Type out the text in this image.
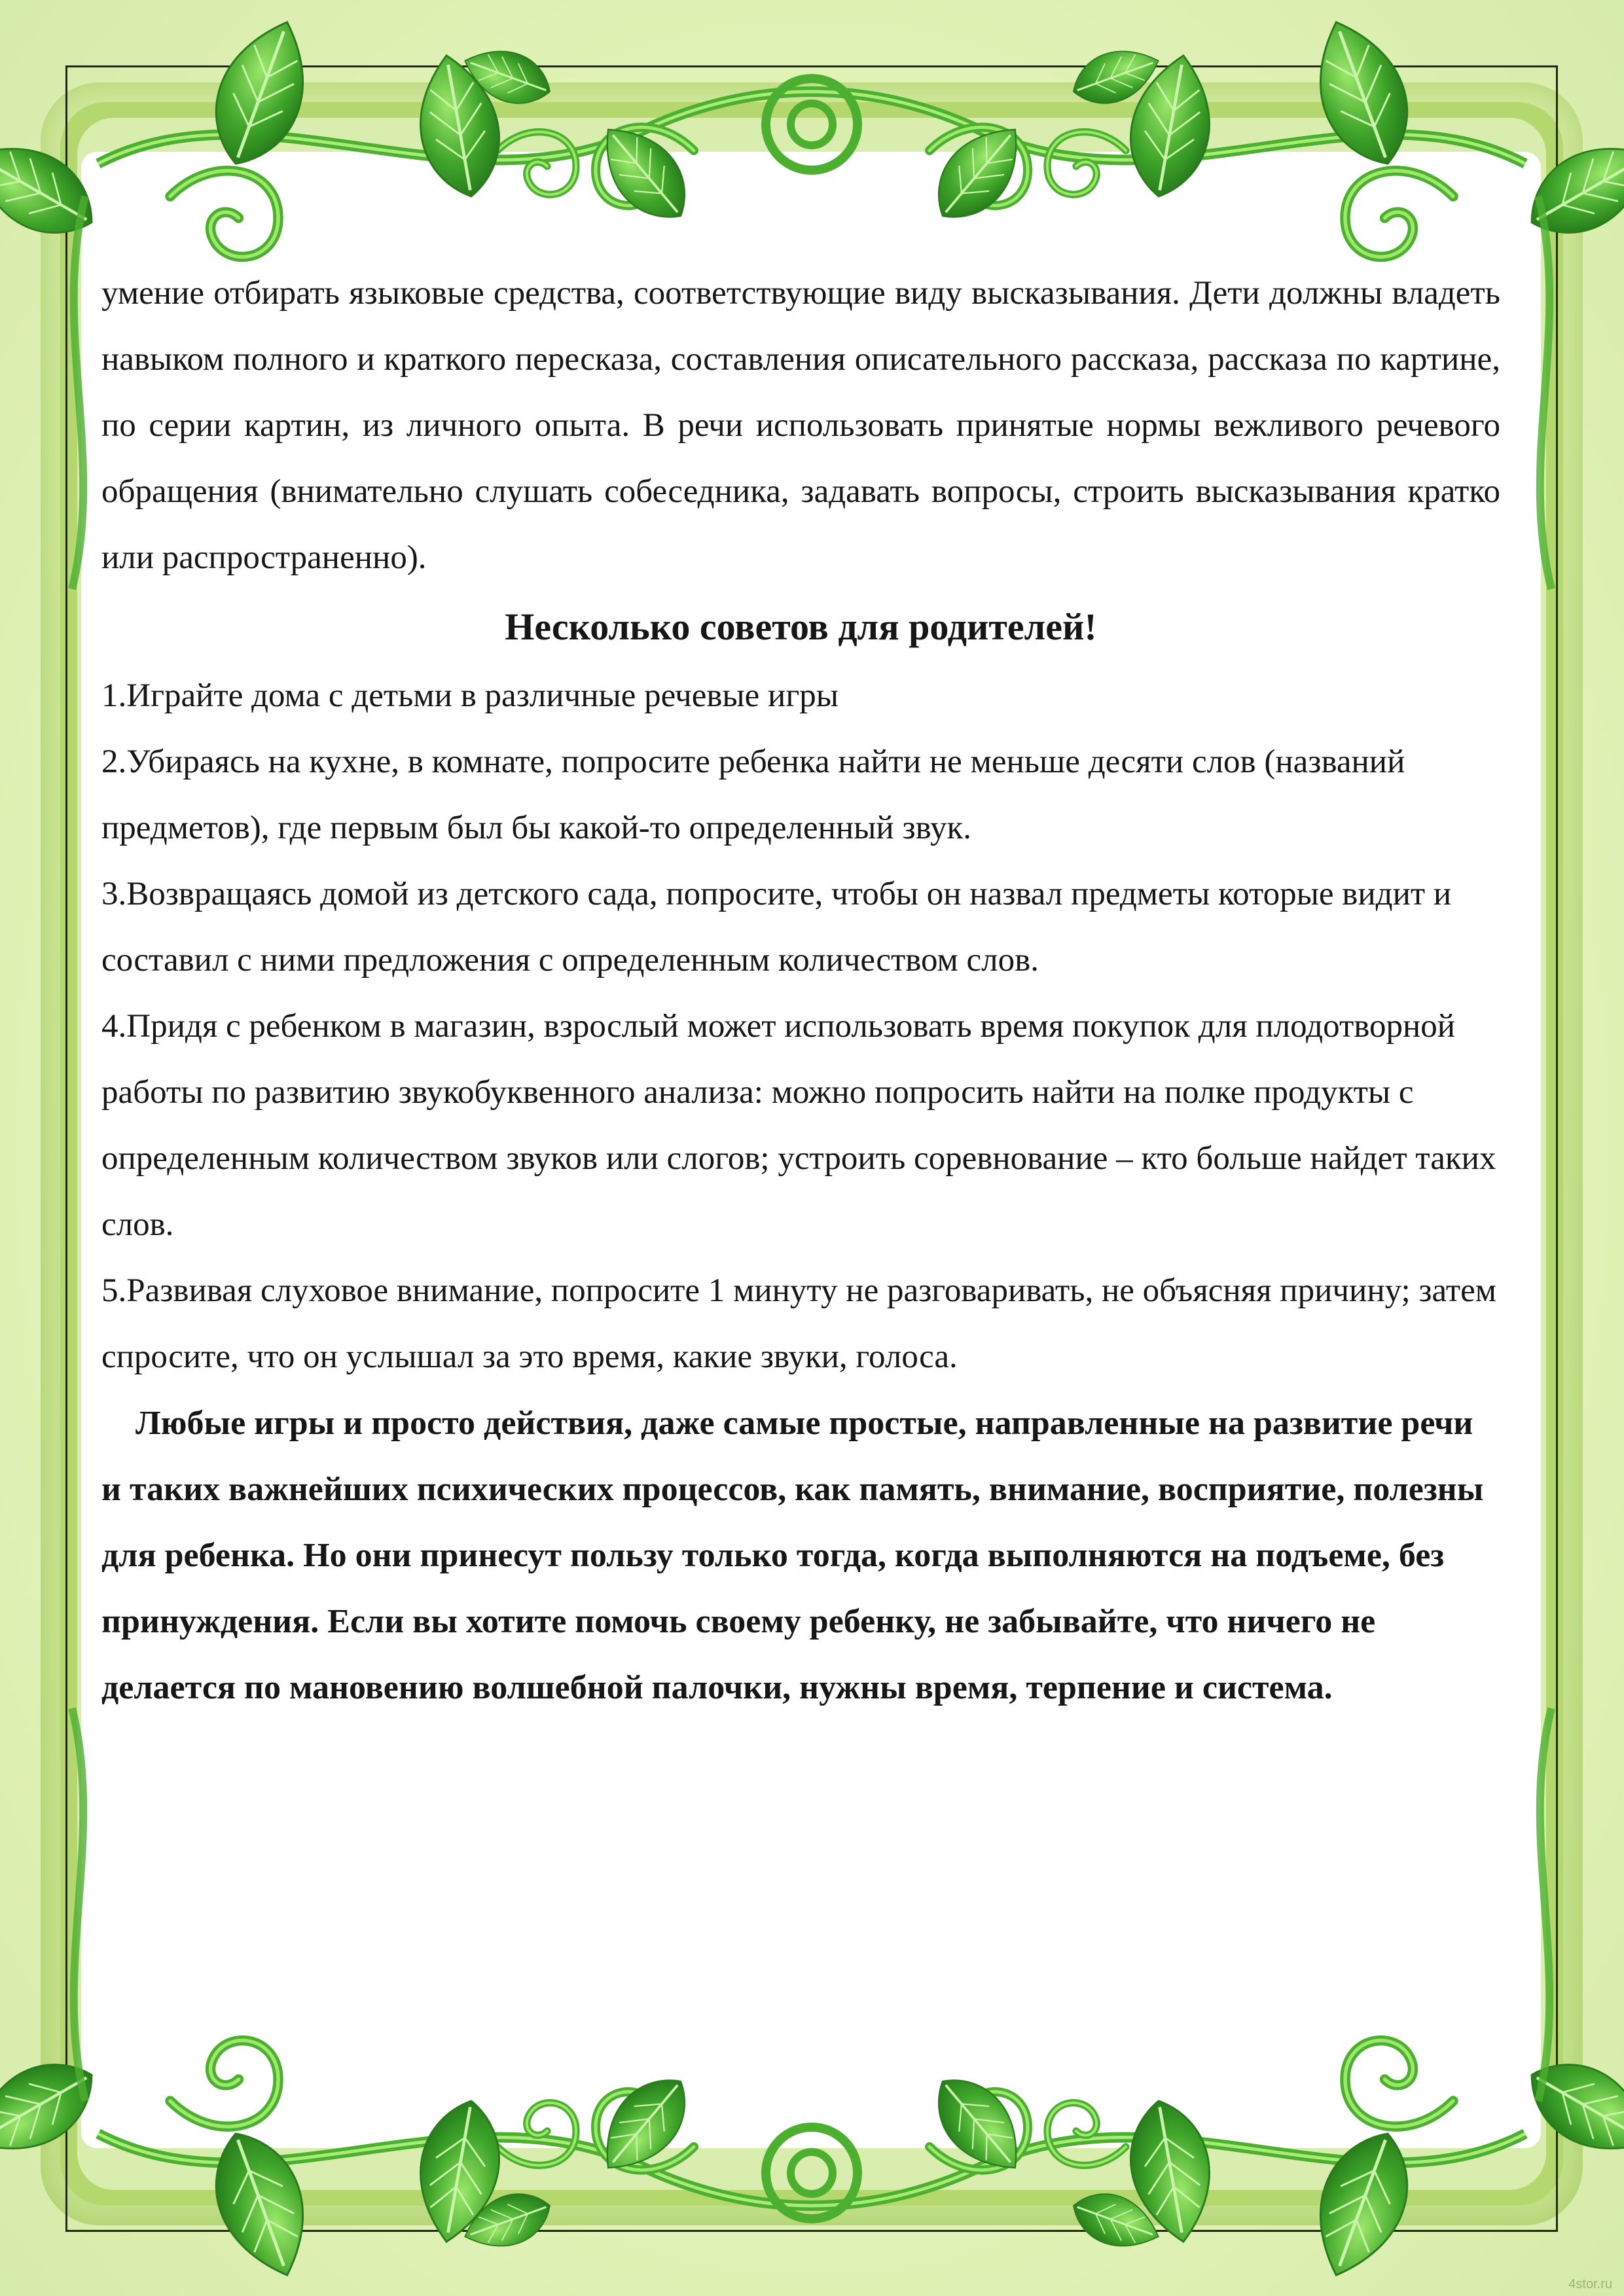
умение отбирать языковые средства, соответствующие виду высказывания. Дети должны владеть навыком полного и краткого пересказа, составления описательного рассказа, рассказа по картине, по серии картин, из личного опыта. В речи использовать принятые нормы вежливого речевого обращения (внимательно слушать собеседника, задавать вопросы, строить высказывания кратко или распространенно).

Несколько советов для родителей!

1.Играйте дома с детьми в различные речевые игры

2.Убираясь на кухне, в комнате, попросите ребенка найти не меньше десяти слов (названий предметов), где первым был бы какой-то определенный звук.

3.Возвращаясь домой из детского сада, попросите, чтобы он назвал предметы которые видит и составил с ними предложения с определенным количеством слов.

4.Придя с ребенком в магазин, взрослый может использовать время покупок для плодотворной работы по развитию звукобуквенного анализа: можно попросить найти на полке продукты с определенным количеством звуков или слогов; устроить соревнование – кто больше найдет таких слов.

5.Развивая слуховое внимание, попросите 1 минуту не разговаривать, не объясняя причину; затем спросите, что он услышал за это время, какие звуки, голоса.

Любые игры и просто действия, даже самые простые, направленные на развитие речи и таких важнейших психических процессов, как память, внимание, восприятие, полезны для ребенка. Но они принесут пользу только тогда, когда выполняются на подъеме, без принуждения. Если вы хотите помочь своему ребенку, не забывайте, что ничего не делается по мановению волшебной палочки, нужны время, терпение и система.

4stor.ru
